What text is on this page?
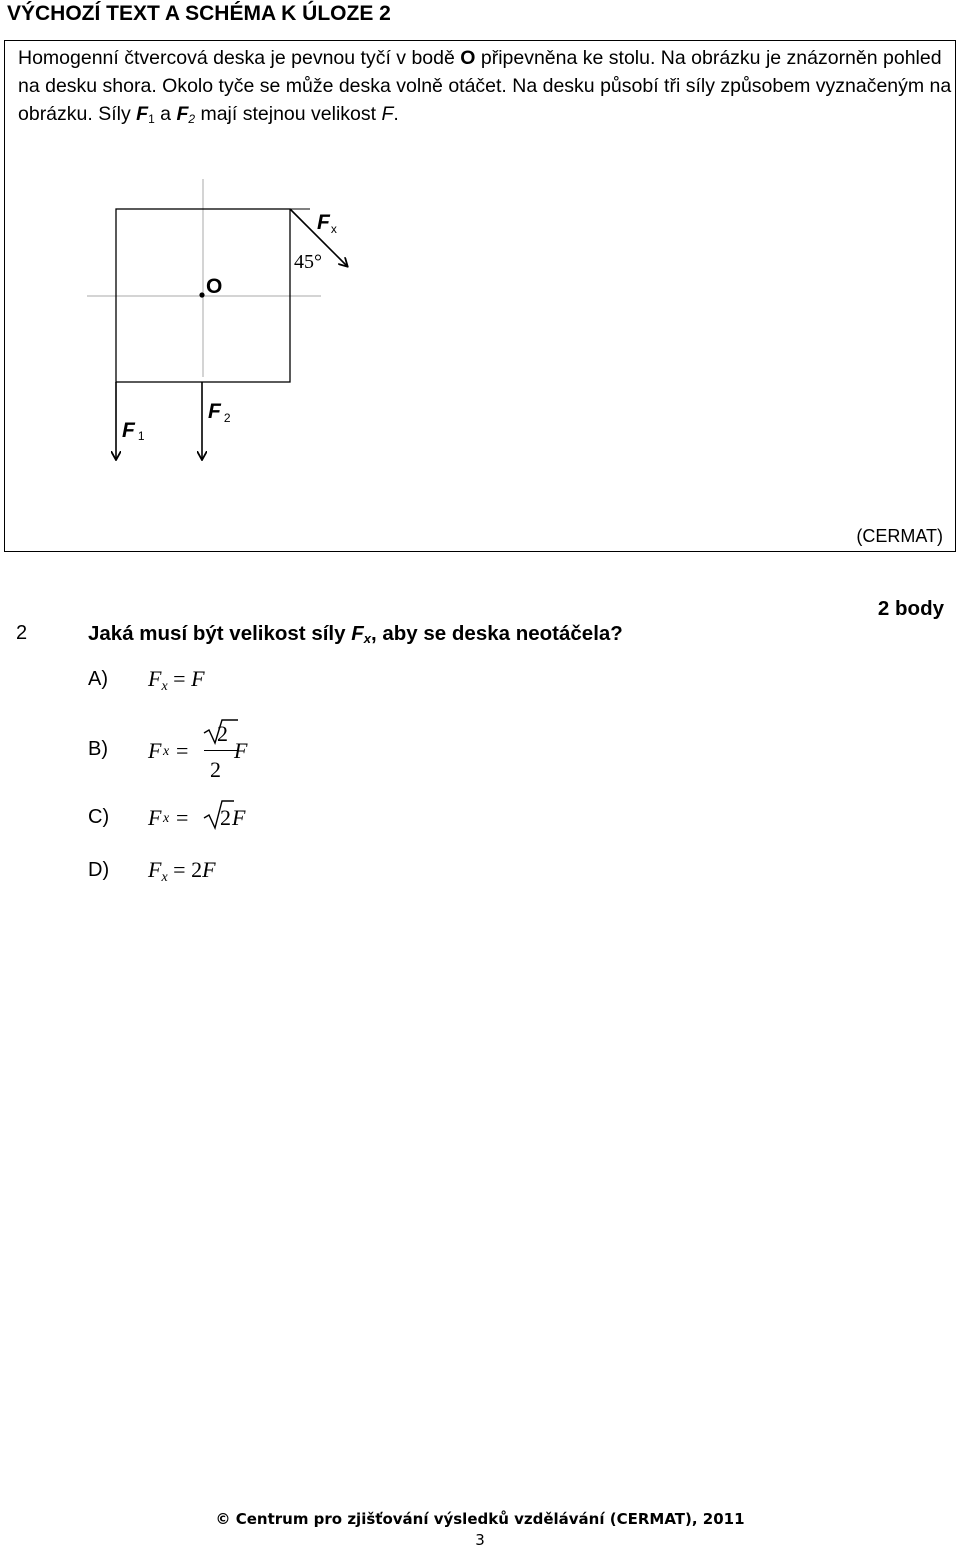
VÝCHOZÍ TEXT A SCHÉMA K ÚLOZE 2
Homogenní čtvercová deska je pevnou tyčí v bodě O připevněna ke stolu. Na obrázku je znázorněn pohled na desku shora. Okolo tyče se může deska volně otáčet. Na desku působí tři síly způsobem vyznačeným na obrázku. Síly $F_1$ a $F_2$ mají stejnou velikost F.
O
Fx
45°
F 1
F 2
(CERMAT)
2 body
2	Jaká musí být velikost síly $F_x$, aby se deska neotáčela?
A) $F_x = F$
B) F x =
2
2
F
C) F x = 2 F
D) $F_x = 2F$
© Centrum pro zjišťování výsledků vzdělávání (CERMAT), 2011
3
